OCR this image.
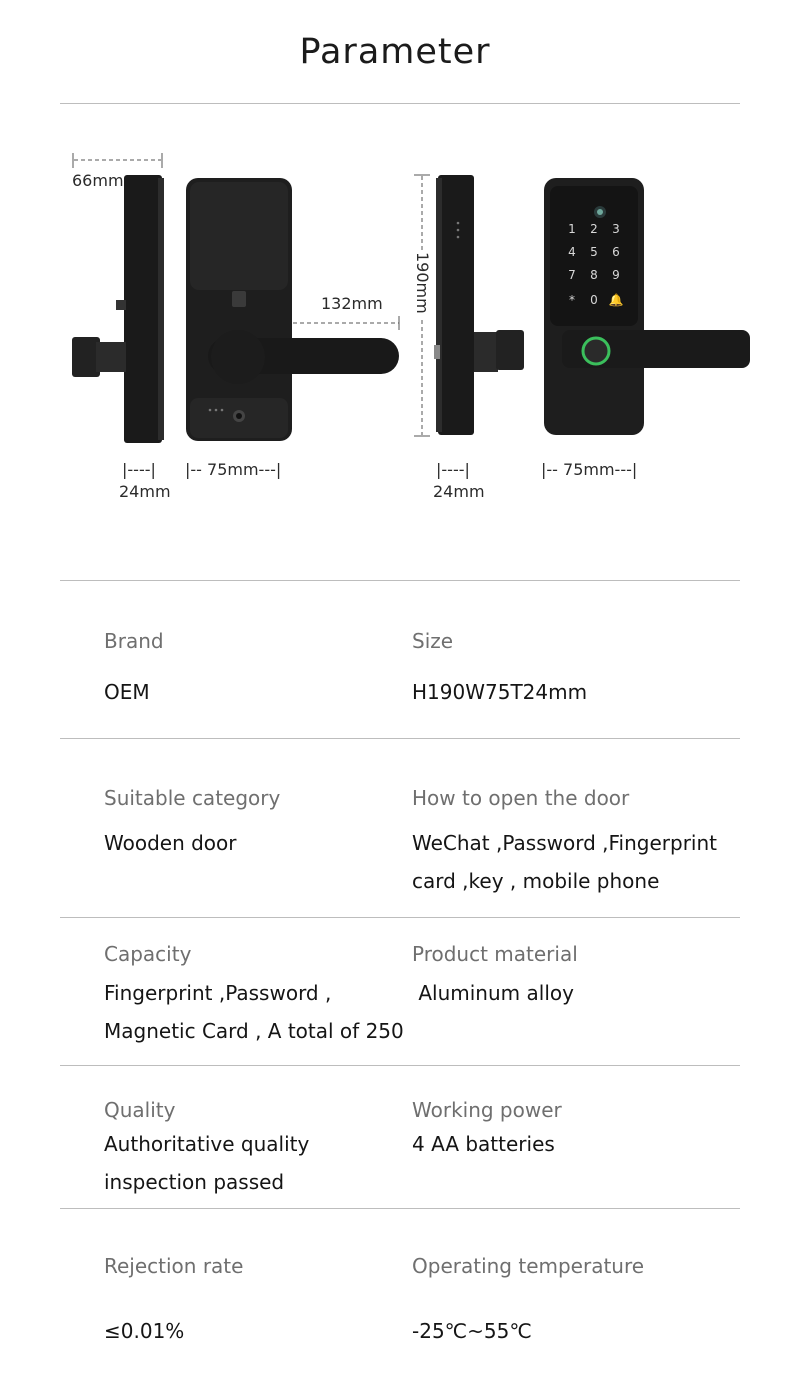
Parameter
1 2 3
4 5 6
7 8 9
* 0 🔔
66mm
132mm 190mm
|----|
24mm
|-- 75mm---|	|----|
24mm
|-- 75mm---|
Brand
OEM
Size
H190W75T24mm
Suitable category
Wooden door
How to open the door
WeChat ,Password ,Fingerprint
card ,key , mobile phone
Capacity
Fingerprint ,Password ,
Magnetic Card , A total of 250
Product material
Aluminum alloy
Quality
Authoritative quality
inspection passed
Working power
4 AA batteries
Rejection rate
≤0.01%
Operating temperature
-25℃~55℃
